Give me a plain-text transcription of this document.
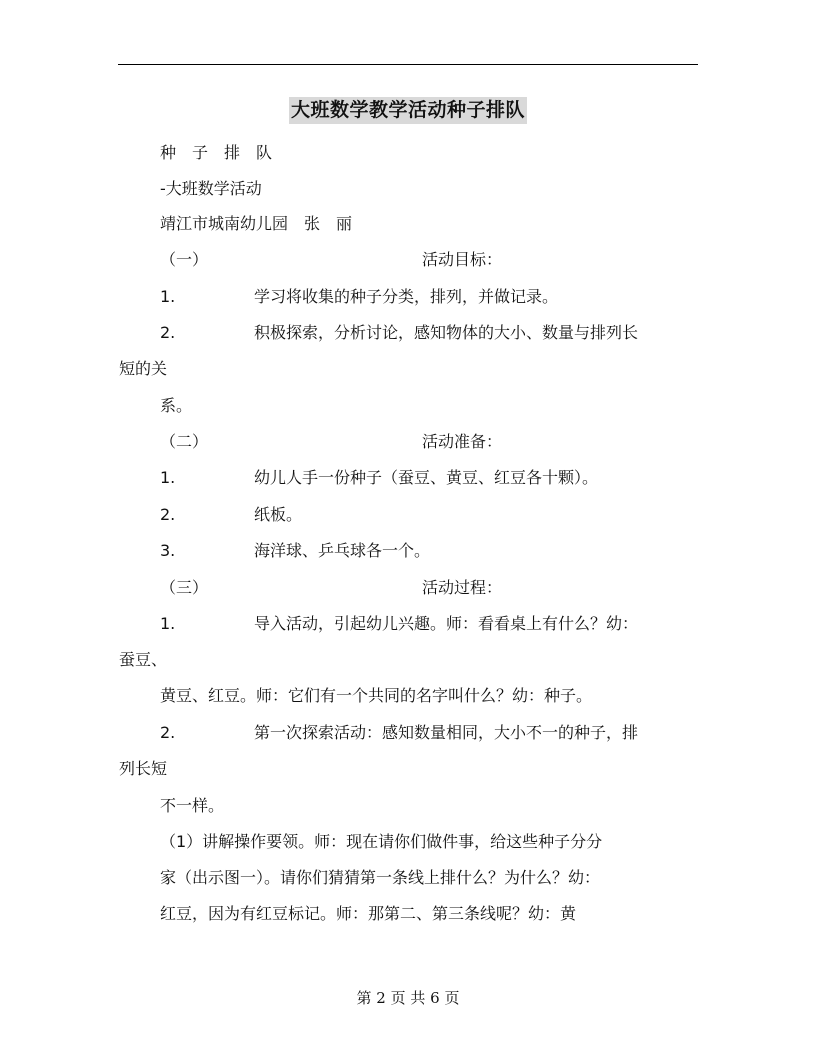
大班数学教学活动种子排队
种　子　排　队
-大班数学活动
靖江市城南幼儿园　张　丽
（一）	活动目标：
1.	学习将收集的种子分类，排列，并做记录。
2.	积极探索，分析讨论，感知物体的大小、数量与排列长
短的关
系。
（二）	活动准备：
1.	幼儿人手一份种子（蚕豆、黄豆、红豆各十颗）。
2.	纸板。
3.	海洋球、乒乓球各一个。
（三）	活动过程：
1.	导入活动，引起幼儿兴趣。师：看看桌上有什么？幼：
蚕豆、
黄豆、红豆。师：它们有一个共同的名字叫什么？幼：种子。
2.	第一次探索活动：感知数量相同，大小不一的种子，排
列长短
不一样。
（1）讲解操作要领。师：现在请你们做件事，给这些种子分分
家（出示图一）。请你们猜猜第一条线上排什么？为什么？幼：
红豆，因为有红豆标记。师：那第二、第三条线呢？幼：黄
第 2 页 共 6 页
